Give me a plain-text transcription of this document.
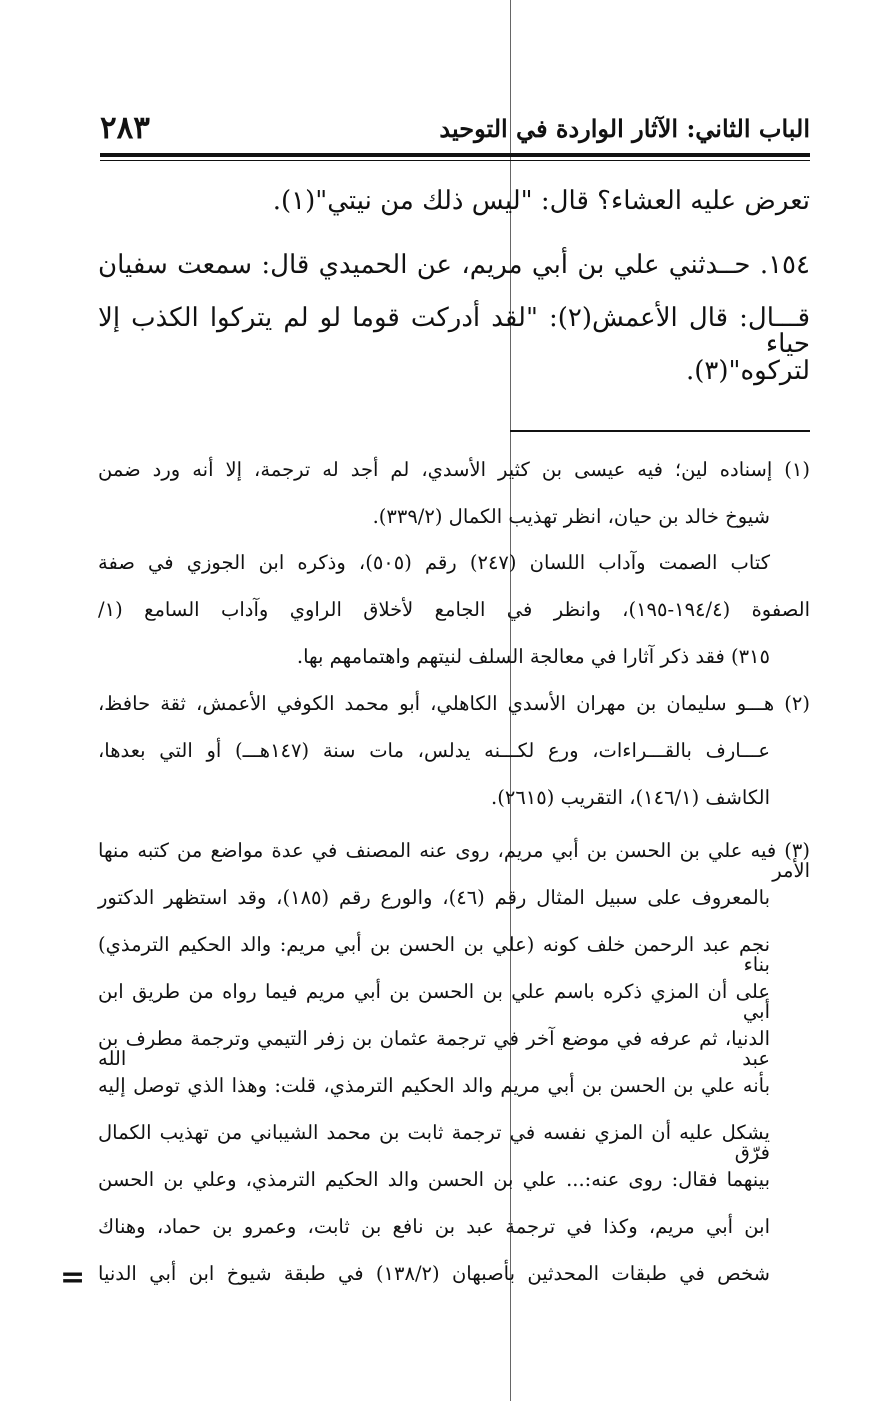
٢٨٣	الباب الثاني: الآثار الواردة في التوحيد
تعرض عليه العشاء؟ قال: "ليس ذلك من نيتي"(١).
١٥٤. حــدثني علي بن أبي مريم، عن الحميدي قال: سمعت سفيان
قـــال: قال الأعمش(٢): "لقد أدركت قوما لو لم يتركوا الكذب إلا حياء
لتركوه"(٣).
(١) إسناده لين؛ فيه عيسى بن كثير الأسدي، لم أجد له ترجمة، إلا أنه ورد ضمن
شيوخ خالد بن حيان، انظر تهذيب الكمال (٣٣٩/٢).
كتاب الصمت وآداب اللسان (٢٤٧) رقم (٥٠٥)، وذكره ابن الجوزي في صفة
الصفوة (١٩٤/٤-١٩٥)، وانظر في الجامع لأخلاق الراوي وآداب السامع (١/
٣١٥) فقد ذكر آثارا في معالجة السلف لنيتهم واهتمامهم بها.
(٢) هـــو سليمان بن مهران الأسدي الكاهلي، أبو محمد الكوفي الأعمش، ثقة حافظ،
عـــارف بالقـــراءات، ورع لكـــنه يدلس، مات سنة (١٤٧هـــ) أو التي بعدها،
الكاشف (١٤٦/١)، التقريب (٢٦١٥).
(٣) فيه علي بن الحسن بن أبي مريم، روى عنه المصنف في عدة مواضع من كتبه منها الأمر
بالمعروف على سبيل المثال رقم (٤٦)، والورع رقم (١٨٥)، وقد استظهر الدكتور
نجم عبد الرحمن خلف كونه (علي بن الحسن بن أبي مريم: والد الحكيم الترمذي) بناء
على أن المزي ذكره باسم علي بن الحسن بن أبي مريم فيما رواه من طريق ابن أبي
الدنيا، ثم عرفه في موضع آخر في ترجمة عثمان بن زفر التيمي وترجمة مطرف بن عبد الله
بأنه علي بن الحسن بن أبي مريم والد الحكيم الترمذي، قلت: وهذا الذي توصل إليه
يشكل عليه أن المزي نفسه في ترجمة ثابت بن محمد الشيباني من تهذيب الكمال فرّق
بينهما فقال: روى عنه:... علي بن الحسن والد الحكيم الترمذي، وعلي بن الحسن
ابن أبي مريم، وكذا في ترجمة عبد بن نافع بن ثابت، وعمرو بن حماد، وهناك
شخص في طبقات المحدثين بأصبهان (١٣٨/٢) في طبقة شيوخ ابن أبي الدنيا
=
